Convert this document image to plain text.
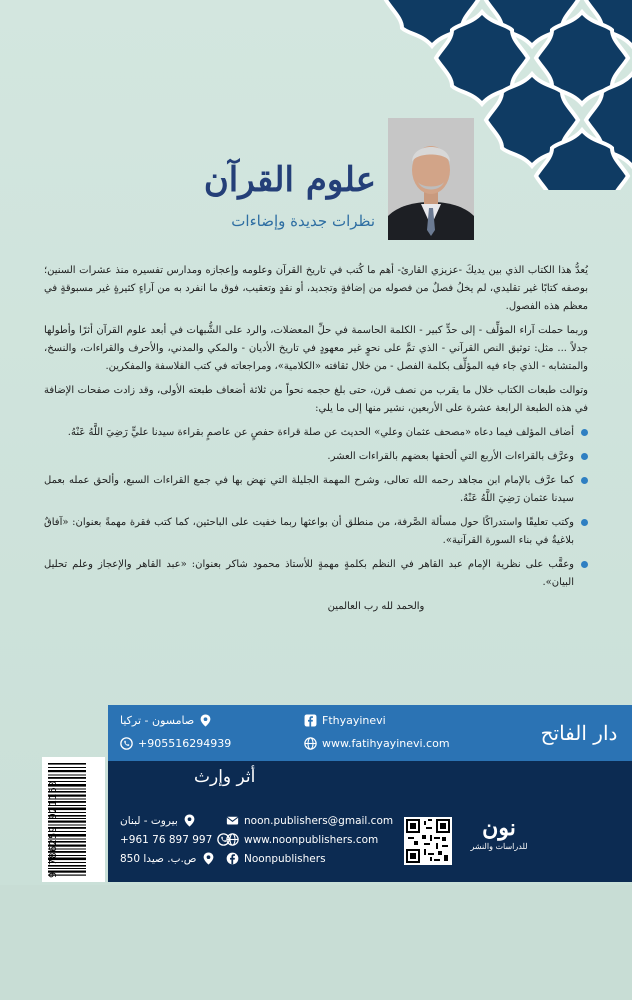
علوم القرآن
نظرات جديدة وإضاءات

يُعدُّ هذا الكتاب الذي بين يديكَ -عزيزي القارئ- أهم ما كُتب في تاريخ القرآن وعلومه وإعجازه ومدارس تفسيره منذ عشرات السنين؛ بوصفه كتابًا غير تقليدي، لم يخلُ فصلٌ من فصوله من إضافةٍ وتجديد، أو نقدٍ وتعقيب، فوق ما انفرد به من آراءٍ كثيرةٍ غير مسبوقةٍ في معظم هذه الفصول.

وربما حملت آراء المؤلِّف - إلى حدٍّ كبير - الكلمة الحاسمة في حلِّ المعضلات، والرد على الشُّبهات في أبعد علوم القرآن أثرًا وأطولها جدلاً ... مثل: توثيق النص القرآني - الذي تمَّ على نحوٍ غير معهودٍ في تاريخ الأديان - والمكي والمدني، والأحرف والقراءات، والنسخ، والمتشابه - الذي جاء فيه المؤلِّف بكلمة الفصل - من خلال ثقافته «الكلامية»، ومراجعاته في كتب الفلاسفة والمفكرين.

وتوالت طبعات الكتاب خلال ما يقرب من نصف قرن، حتى بلغ حجمه نحواً من ثلاثة أضعاف طبعته الأولى، وقد زادت صفحات الإضافة في هذه الطبعة الرابعة عشرة على الأربعين، نشير منها إلى ما يلي:

أضاف المؤلف فيما دعاه «مصحف عثمان وعلي» الحديث عن صلة قراءة حفصٍ عن عاصمٍ بقراءة سيدنا عليٍّ رَضِيَ اللَّهُ عَنْهُ.
وعرَّف بالقراءات الأربع التي ألحقها بعضهم بالقراءات العشر.
كما عرَّف بالإمام ابن مجاهد رحمه الله تعالى، وشرح المهمة الجليلة التي نهض بها في جمع القراءات السبع، وألحق عمله بعمل سيدنا عثمان رَضِيَ اللَّهُ عَنْهُ.
وكتب تعليقًا واستدراكًا حول مسألة الصَّرفة، من منطلق أن بواعثها ربما خفيت على الباحثين، كما كتب فقرة مهمةً بعنوان: «آفاقٌ بلاغيةٌ في بناء السورة القرآنية».
وعقَّب على نظرية الإمام عبد القاهر في النظم بكلمةٍ مهمةٍ للأستاذ محمود شاكر بعنوان: «عبد القاهر والإعجاز وعلم تحليل البيان».
والحمد لله رب العالمين
صامسون - تركيا
+905516294939
Fthyayinevi
www.fatihyayinevi.com	دار الفاتح
9 786259 921150
أثر وإرث
بيروت - لبنان
+961 76 897 997
ص.ب. صيدا 850
noon.publishers@gmail.com
www.noonpublishers.com
Noonpublishers
نون
للدراسات والنشر
